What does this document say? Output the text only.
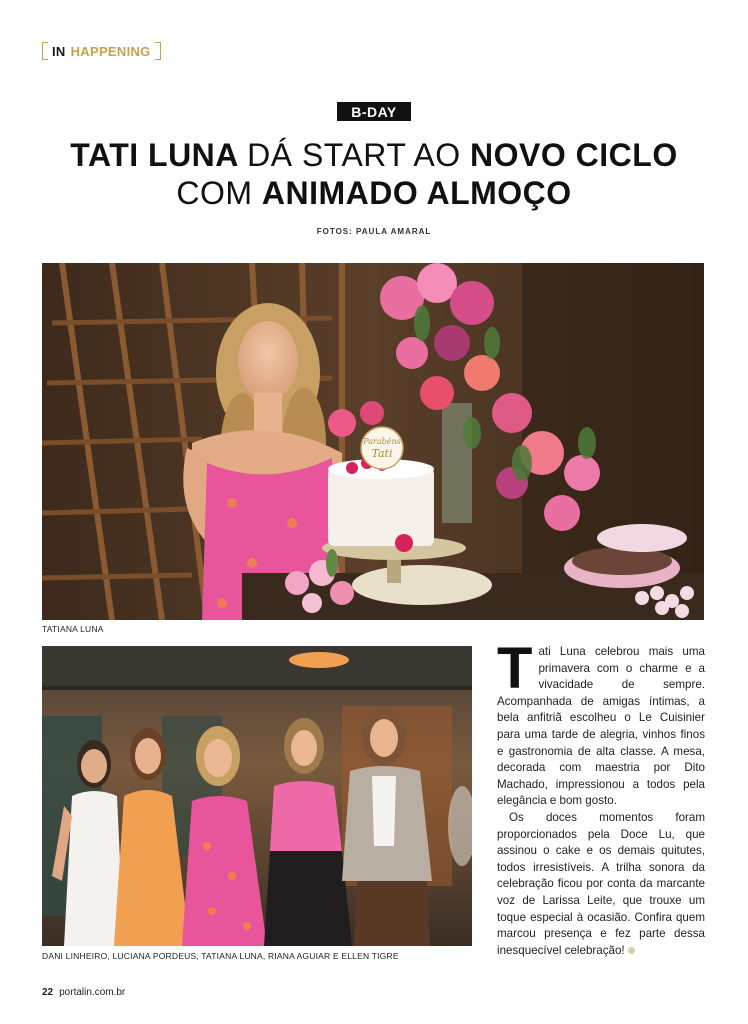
IN HAPPENING
B-DAY
TATI LUNA DÁ START AO NOVO CICLO
COM ANIMADO ALMOÇO
FOTOS: PAULA AMARAL
Parabéns
Tati
TATIANA LUNA
DANI LINHEIRO, LUCIANA PORDEUS, TATIANA LUNA, RIANA AGUIAR E ELLEN TIGRE

Tati Luna celebrou mais uma primavera com o charme e a vivacidade de sempre. Acompanhada de amigas íntimas, a bela anfitriã escolheu o Le Cuisinier para uma tarde de alegria, vinhos finos e gastronomia de alta classe. A mesa, decorada com maestria por Dito Machado, impressionou a todos pela elegância e bom gosto.

Os doces momentos foram proporcionados pela Doce Lu, que assinou o cake e os demais quitutes, todos irresistíveis. A trilha sonora da celebração ficou por conta da marcante voz de Larissa Leite, que trouxe um toque especial à ocasião. Confira quem marcou presença e fez parte dessa inesquecível celebração!

22 portalin.com.br
